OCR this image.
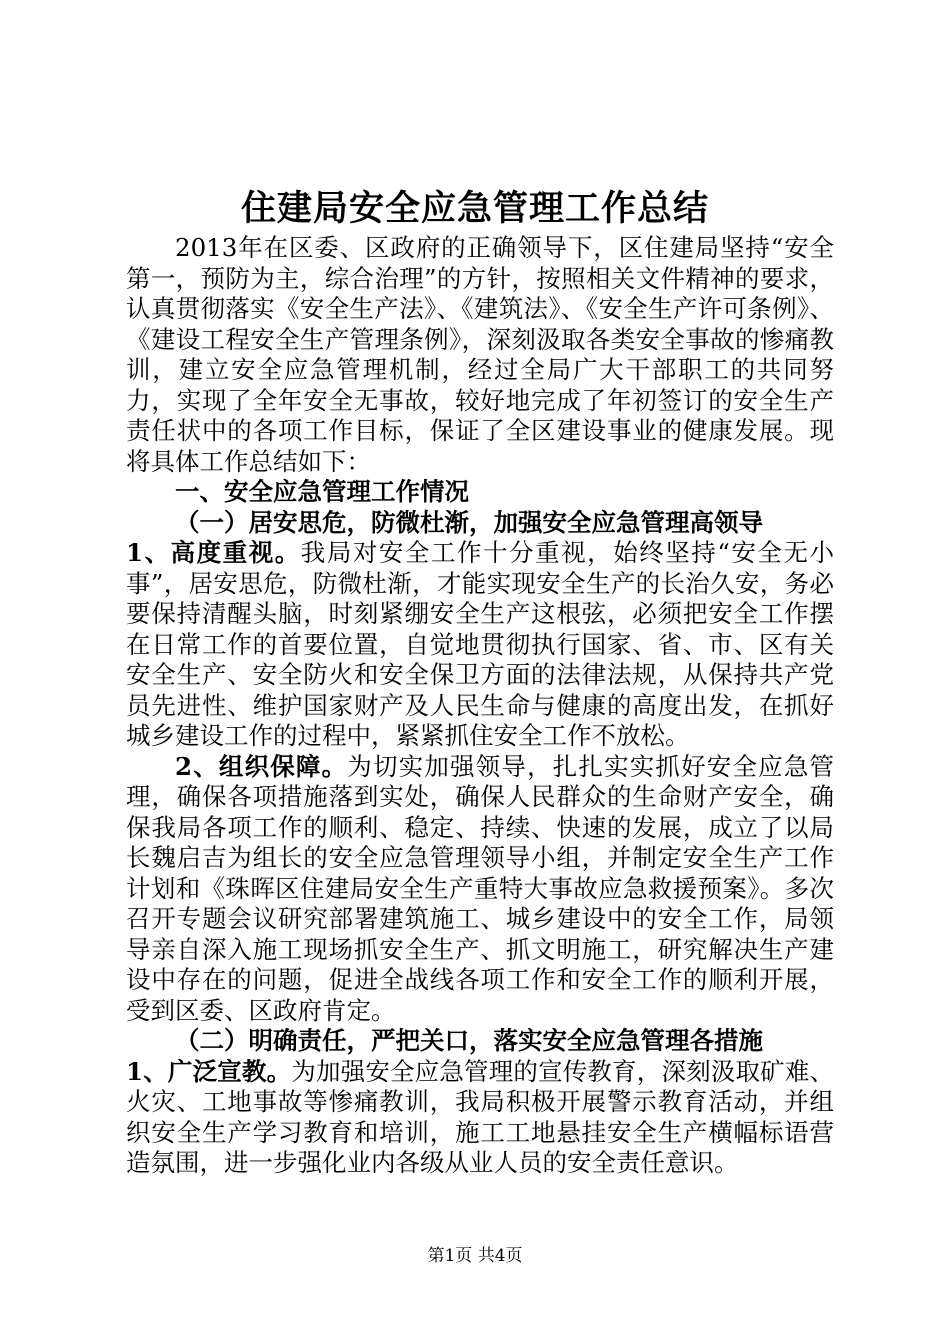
住建局安全应急管理工作总结

2013年在区委、区政府的正确领导下，区住建局坚持“安全第一，预防为主，综合治理”的方针，按照相关文件精神的要求，认真贯彻落实《安全生产法》、《建筑法》、《安全生产许可条例》、《建设工程安全生产管理条例》，深刻汲取各类安全事故的惨痛教训，建立安全应急管理机制，经过全局广大干部职工的共同努力，实现了全年安全无事故，较好地完成了年初签订的安全生产责任状中的各项工作目标，保证了全区建设事业的健康发展。现将具体工作总结如下：

一、安全应急管理工作情况

（一）居安思危，防微杜渐，加强安全应急管理高领导

1、高度重视。我局对安全工作十分重视，始终坚持“安全无小事”，居安思危，防微杜渐，才能实现安全生产的长治久安，务必要保持清醒头脑，时刻紧绷安全生产这根弦，必须把安全工作摆在日常工作的首要位置，自觉地贯彻执行国家、省、市、区有关安全生产、安全防火和安全保卫方面的法律法规，从保持共产党员先进性、维护国家财产及人民生命与健康的高度出发，在抓好城乡建设工作的过程中，紧紧抓住安全工作不放松。

2、组织保障。为切实加强领导，扎扎实实抓好安全应急管理，确保各项措施落到实处，确保人民群众的生命财产安全，确保我局各项工作的顺利、稳定、持续、快速的发展，成立了以局长魏启吉为组长的安全应急管理领导小组，并制定安全生产工作计划和《珠晖区住建局安全生产重特大事故应急救援预案》。多次召开专题会议研究部署建筑施工、城乡建设中的安全工作，局领导亲自深入施工现场抓安全生产、抓文明施工，研究解决生产建设中存在的问题，促进全战线各项工作和安全工作的顺利开展，受到区委、区政府肯定。

（二）明确责任，严把关口，落实安全应急管理各措施

1、广泛宣教。为加强安全应急管理的宣传教育，深刻汲取矿难、火灾、工地事故等惨痛教训，我局积极开展警示教育活动，并组织安全生产学习教育和培训，施工工地悬挂安全生产横幅标语营造氛围，进一步强化业内各级从业人员的安全责任意识。

第1页 共4页
